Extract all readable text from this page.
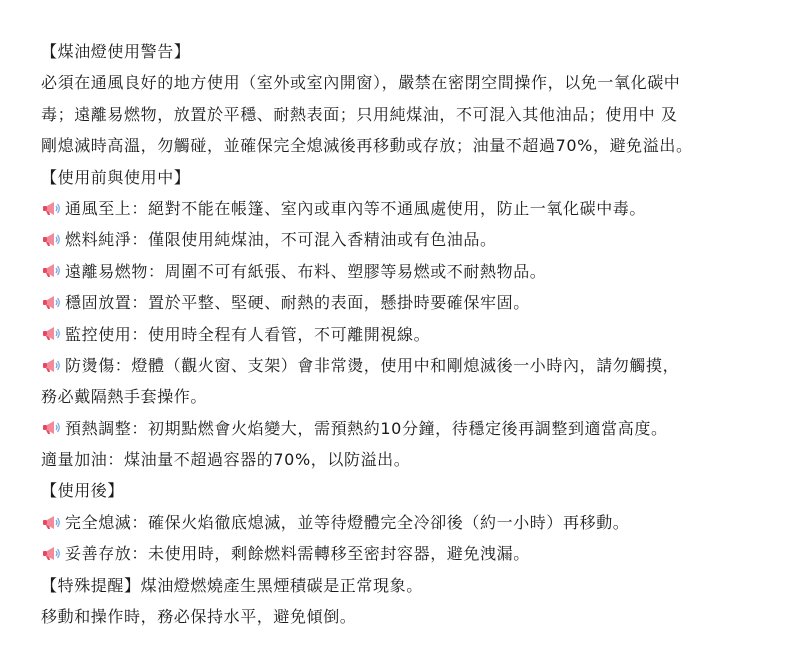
【煤油燈使用警告】
必須在通風良好的地方使用（室外或室內開窗），嚴禁在密閉空間操作，以免一氧化碳中
毒；遠離易燃物，放置於平穩、耐熱表面；只用純煤油，不可混入其他油品；使用中 及
剛熄滅時高溫，勿觸碰，並確保完全熄滅後再移動或存放；油量不超過70%，避免溢出。
【使用前與使用中】
通風至上：絕對不能在帳篷、室內或車內等不通風處使用，防止一氧化碳中毒。
燃料純淨：僅限使用純煤油，不可混入香精油或有色油品。
遠離易燃物：周圍不可有紙張、布料、塑膠等易燃或不耐熱物品。
穩固放置：置於平整、堅硬、耐熱的表面，懸掛時要確保牢固。
監控使用：使用時全程有人看管，不可離開視線。
防燙傷：燈體（觀火窗、支架）會非常燙，使用中和剛熄滅後一小時內，請勿觸摸，
務必戴隔熱手套操作。
預熱調整：初期點燃會火焰變大，需預熱約10分鐘，待穩定後再調整到適當高度。
適量加油：煤油量不超過容器的70%，以防溢出。
【使用後】
完全熄滅：確保火焰徹底熄滅，並等待燈體完全冷卻後（約一小時）再移動。
妥善存放：未使用時，剩餘燃料需轉移至密封容器，避免洩漏。
【特殊提醒】煤油燈燃燒產生黑煙積碳是正常現象。
移動和操作時，務必保持水平，避免傾倒。
